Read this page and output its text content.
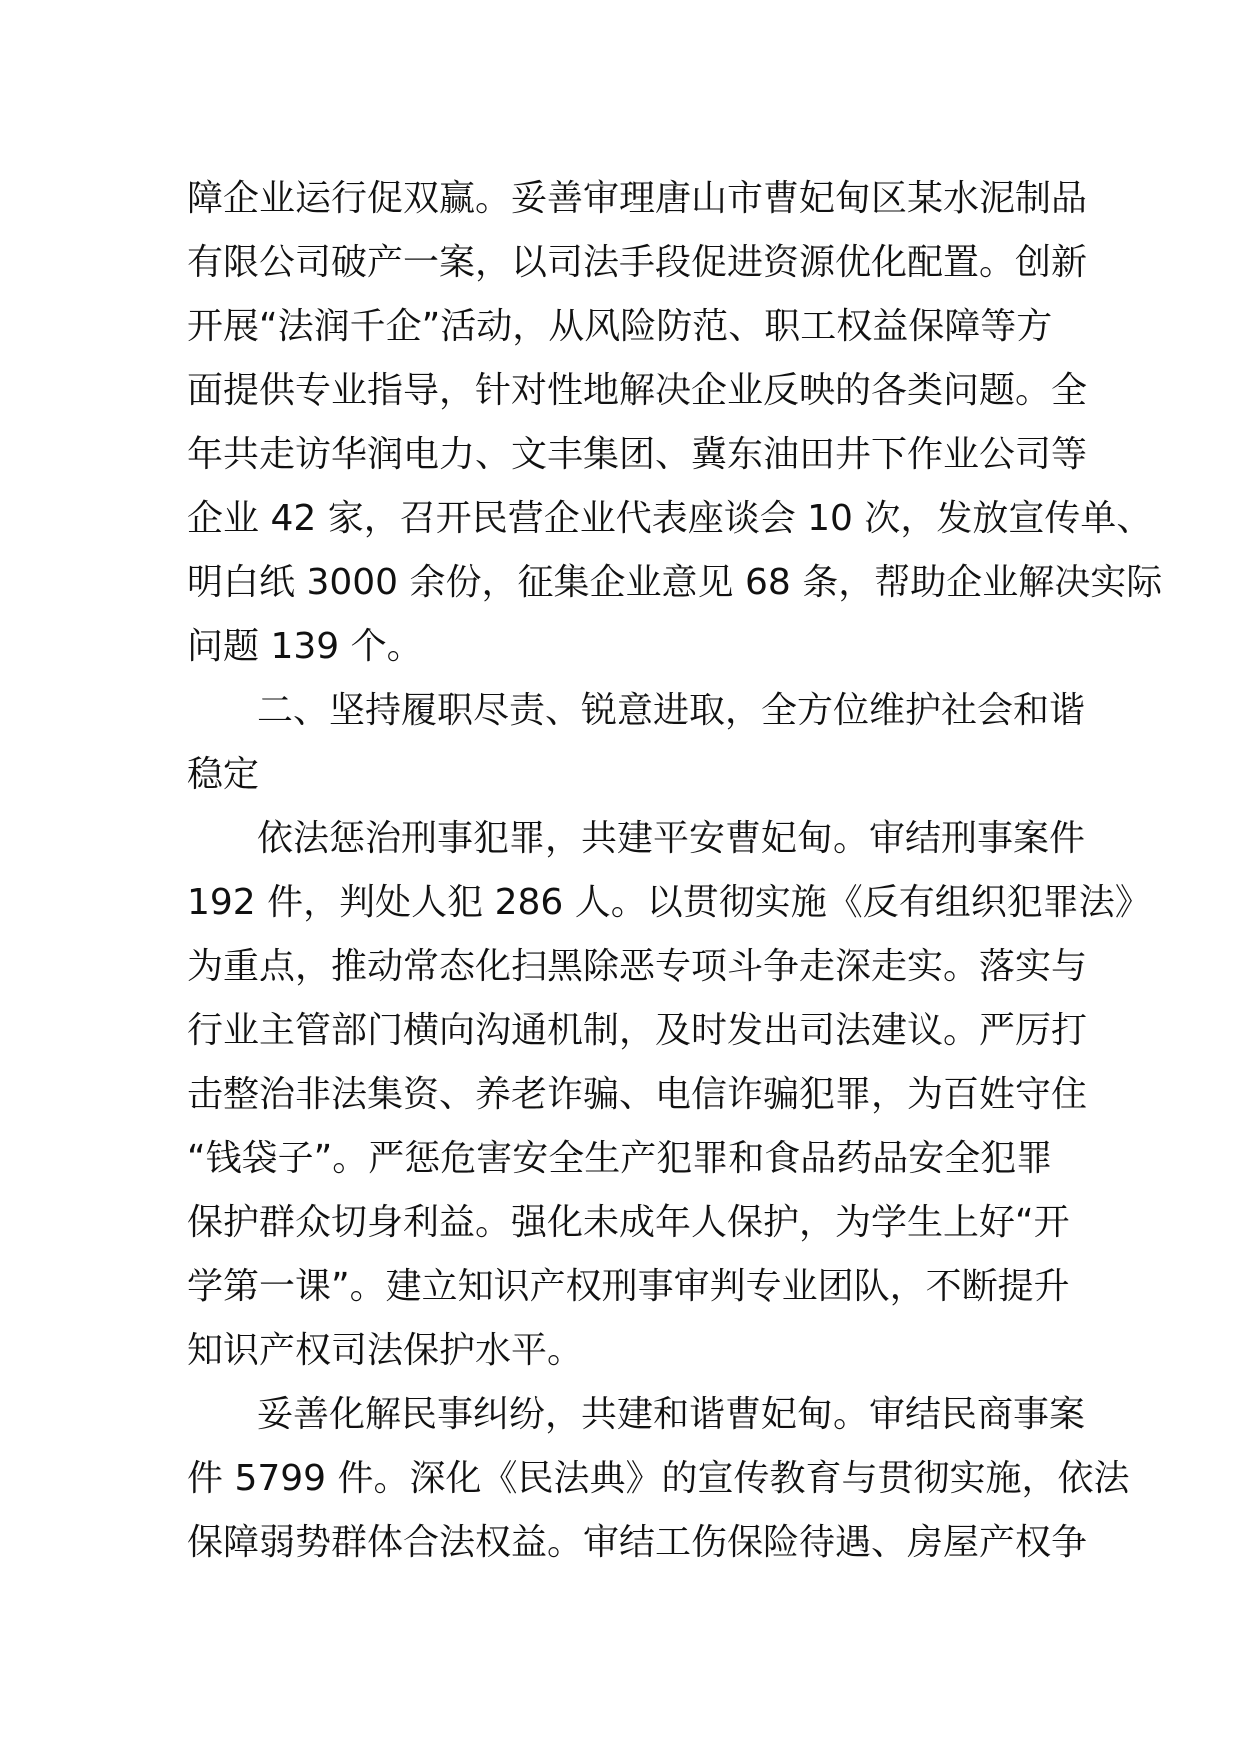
障企业运行促双赢。妥善审理唐山市曹妃甸区某水泥制品
有限公司破产一案，以司法手段促进资源优化配置。创新
开展“法润千企”活动，从风险防范、职工权益保障等方
面提供专业指导，针对性地解决企业反映的各类问题。全
年共走访华润电力、文丰集团、冀东油田井下作业公司等
企业 42 家，召开民营企业代表座谈会 10 次，发放宣传单、
明白纸 3000 余份，征集企业意见 68 条，帮助企业解决实际
问题 139 个。
二、坚持履职尽责、锐意进取，全方位维护社会和谐
稳定
依法惩治刑事犯罪，共建平安曹妃甸。审结刑事案件
192 件，判处人犯 286 人。以贯彻实施《反有组织犯罪法》
为重点，推动常态化扫黑除恶专项斗争走深走实。落实与
行业主管部门横向沟通机制，及时发出司法建议。严厉打
击整治非法集资、养老诈骗、电信诈骗犯罪，为百姓守住
“钱袋子”。严惩危害安全生产犯罪和食品药品安全犯罪
保护群众切身利益。强化未成年人保护，为学生上好“开
学第一课”。建立知识产权刑事审判专业团队，不断提升
知识产权司法保护水平。
妥善化解民事纠纷，共建和谐曹妃甸。审结民商事案
件 5799 件。深化《民法典》的宣传教育与贯彻实施，依法
保障弱势群体合法权益。审结工伤保险待遇、房屋产权争
